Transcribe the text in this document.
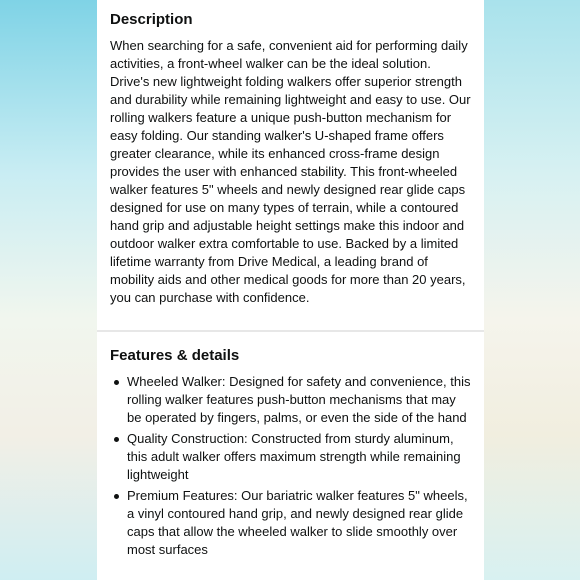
Description

When searching for a safe, convenient aid for performing daily activities, a front-wheel walker can be the ideal solution. Drive's new lightweight folding walkers offer superior strength and durability while remaining lightweight and easy to use. Our rolling walkers feature a unique push-button mechanism for easy folding. Our standing walker's U-shaped frame offers greater clearance, while its enhanced cross-frame design provides the user with enhanced stability. This front-wheeled walker features 5" wheels and newly designed rear glide caps designed for use on many types of terrain, while a contoured hand grip and adjustable height settings make this indoor and outdoor walker extra comfortable to use. Backed by a limited lifetime warranty from Drive Medical, a leading brand of mobility aids and other medical goods for more than 20 years, you can purchase with confidence.

Features & details
Wheeled Walker: Designed for safety and convenience, this rolling walker features push-button mechanisms that may be operated by fingers, palms, or even the side of the hand
Quality Construction: Constructed from sturdy aluminum, this adult walker offers maximum strength while remaining lightweight
Premium Features: Our bariatric walker features 5" wheels, a vinyl contoured hand grip, and newly designed rear glide caps that allow the wheeled walker to slide smoothly over most surfaces
